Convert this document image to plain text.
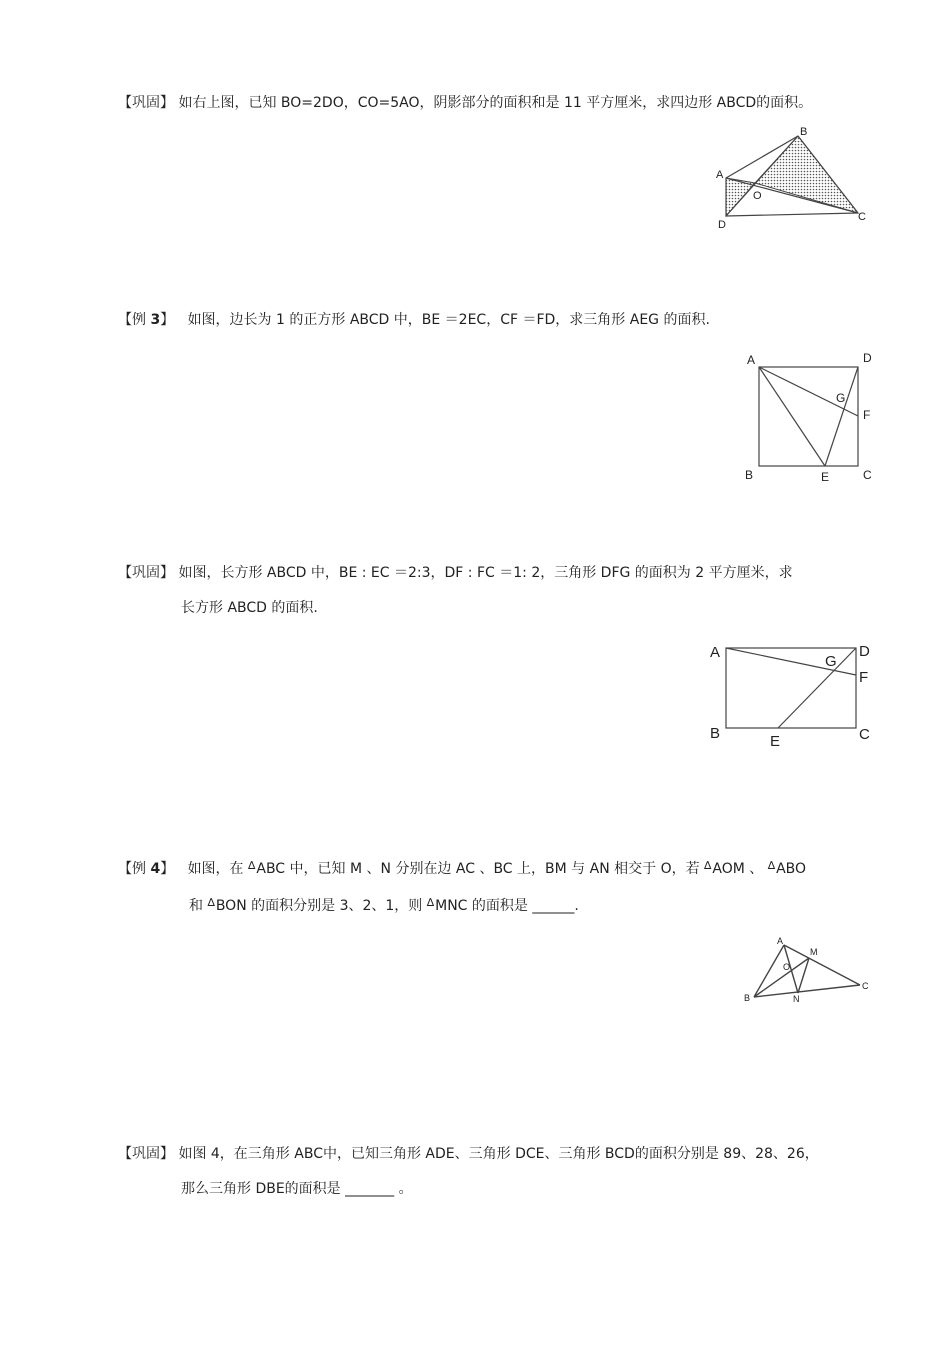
【巩固】 如右上图，已知 BO=2DO，CO=5AO，阴影部分的面积和是 11 平方厘米，求四边形 ABCD的面积。
A
B
C
D
O
【例 3】 如图，边长为 1 的正方形 ABCD 中，BE ＝2EC，CF ＝FD，求三角形 AEG 的面积.
A	D
B	C
E
F
G
【巩固】 如图，长方形 ABCD 中，BE : EC ＝2:3，DF : FC ＝1: 2，三角形 DFG 的面积为 2 平方厘米，求
长方形 ABCD 的面积.
A	D
G
F
B	E	C
【例 4】 如图，在 ∆ABC 中，已知 M 、N 分别在边 AC 、BC 上，BM 与 AN 相交于 O，若 ∆AOM 、 ∆ABO
和 ∆BON 的面积分别是 3、2、1，则 ∆MNC 的面积是 ______.
A
M
O
C
B	N
【巩固】 如图 4，在三角形 ABC中，已知三角形 ADE、三角形 DCE、三角形 BCD的面积分别是 89、28、26，
那么三角形 DBE的面积是 _______ 。
